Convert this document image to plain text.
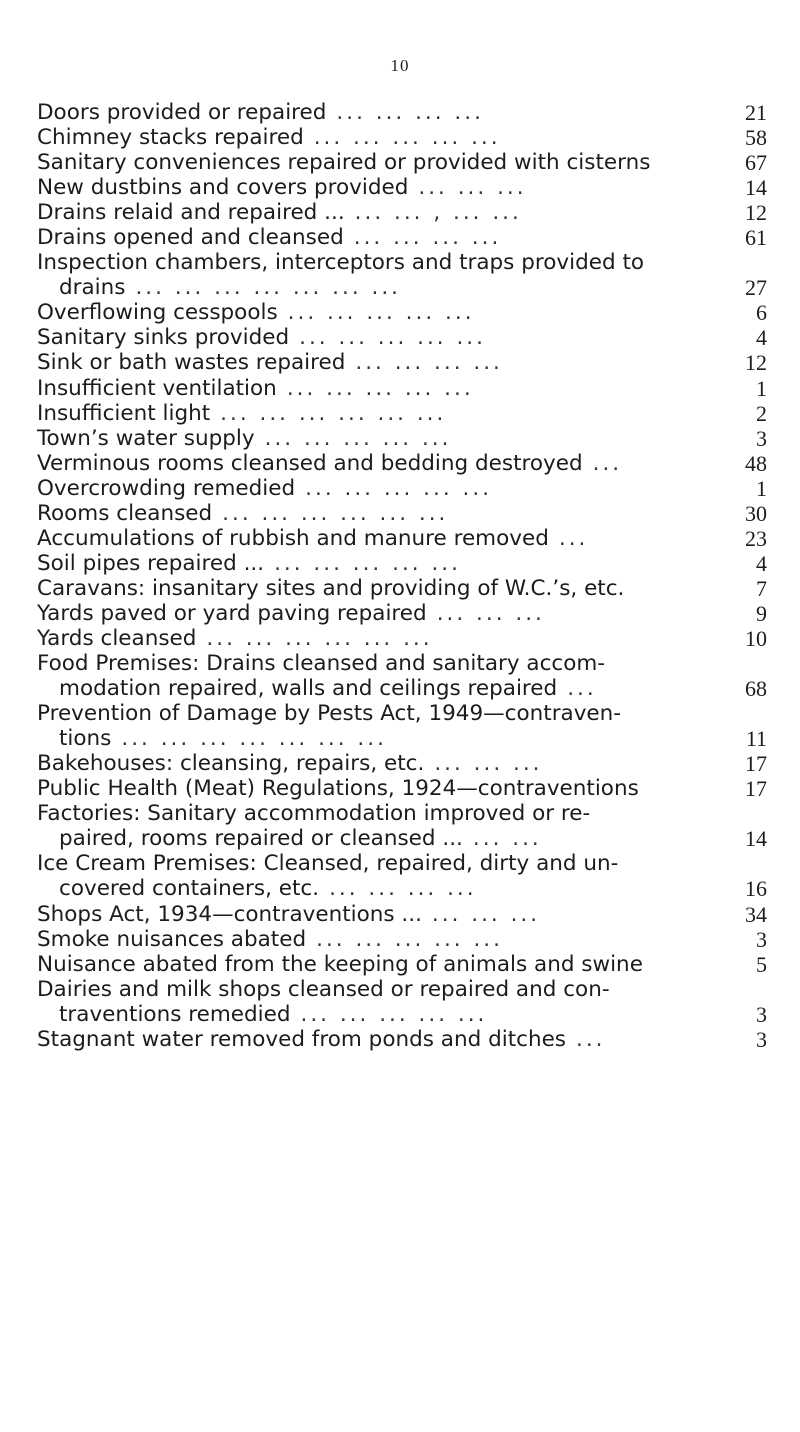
10
Doors provided or repaired ... ... ... ...	21
Chimney stacks repaired ... ... ... ... ...	58
Sanitary conveniences repaired or provided with cisterns	67
New dustbins and covers provided ... ... ...	14
Drains relaid and repaired ... ... ... , ... ...	12
Drains opened and cleansed ... ... ... ...	61
Inspection chambers, interceptors and traps provided to
drains ... ... ... ... ... ... ...	27
Overflowing cesspools ... ... ... ... ...	6
Sanitary sinks provided ... ... ... ... ...	4
Sink or bath wastes repaired ... ... ... ...	12
Insufficient ventilation ... ... ... ... ...	1
Insufficient light ... ... ... ... ... ...	2
Town’s water supply ... ... ... ... ...	3
Verminous rooms cleansed and bedding destroyed ...	48
Overcrowding remedied ... ... ... ... ...	1
Rooms cleansed ... ... ... ... ... ...	30
Accumulations of rubbish and manure removed ...	23
Soil pipes repaired ... ... ... ... ... ...	4
Caravans: insanitary sites and providing of W.C.’s, etc.	7
Yards paved or yard paving repaired ... ... ...	9
Yards cleansed ... ... ... ... ... ...	10
Food Premises: Drains cleansed and sanitary accom-
modation repaired, walls and ceilings repaired ...	68
Prevention of Damage by Pests Act, 1949—contraven-
tions ... ... ... ... ... ... ...	11
Bakehouses: cleansing, repairs, etc. ... ... ...	17
Public Health (Meat) Regulations, 1924—contraventions	17
Factories: Sanitary accommodation improved or re-
paired, rooms repaired or cleansed ... ... ...	14
Ice Cream Premises: Cleansed, repaired, dirty and un-
covered containers, etc. ... ... ... ...	16
Shops Act, 1934—contraventions ... ... ... ...	34
Smoke nuisances abated ... ... ... ... ...	3
Nuisance abated from the keeping of animals and swine	5
Dairies and milk shops cleansed or repaired and con-
traventions remedied ... ... ... ... ...	3
Stagnant water removed from ponds and ditches ...	3
